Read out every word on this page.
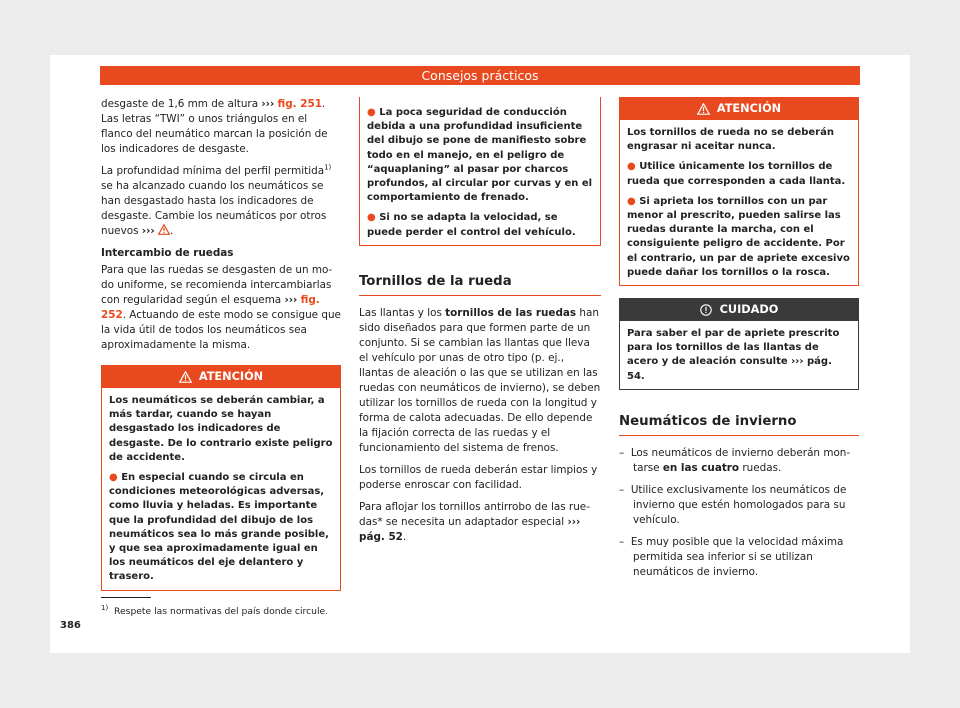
Consejos prácticos

desgaste de 1,6 mm de altura ››› fig. 251. Las letras “TWI” o unos triángulos en el flanco del neumático marcan la posición de los indicadores de desgaste.

La profundidad mínima del perfil permitida$^{1)}$ se ha alcanzado cuando los neumáticos se han desgastado hasta los indicadores de desgaste. Cambie los neumáticos por otros nuevos ››› .

Intercambio de ruedas

Para que las ruedas se desgasten de un modo uniforme, se recomienda intercambiarlas con regularidad según el esquema ››› fig. 252. Actuando de este modo se consigue que la vida útil de todos los neumáticos sea aproximadamente la misma.

ATENCIÓN

Los neumáticos se deberán cambiar, a más tardar, cuando se hayan desgastado los indicadores de desgaste. De lo contrario existe peligro de accidente.

● En especial cuando se circula en condiciones meteorológicas adversas, como lluvia y heladas. Es importante que la profundidad del dibujo de los neumáticos sea lo más grande posible, y que sea aproximadamente igual en los neumáticos del eje delantero y trasero.

● La poca seguridad de conducción debida a una profundidad insuficiente del dibujo se pone de manifiesto sobre todo en el manejo, en el peligro de “aquaplaning” al pasar por charcos profundos, al circular por curvas y en el comportamiento de frenado.

● Si no se adapta la velocidad, se puede perder el control del vehículo.

Tornillos de la rueda

Las llantas y los tornillos de las ruedas han sido diseñados para que formen parte de un conjunto. Si se cambian las llantas que lleva el vehículo por unas de otro tipo (p. ej., llantas de aleación o las que se utilizan en las ruedas con neumáticos de invierno), se deben utilizar los tornillos de rueda con la longitud y forma de calota adecuadas. De ello depende la fijación correcta de las ruedas y el funcionamiento del sistema de frenos.

Los tornillos de rueda deberán estar limpios y poderse enroscar con facilidad.

Para aflojar los tornillos antirrobo de las ruedas* se necesita un adaptador especial ››› pág. 52.

ATENCIÓN

Los tornillos de rueda no se deberán engrasar ni aceitar nunca.

● Utilice únicamente los tornillos de rueda que corresponden a cada llanta.

● Si aprieta los tornillos con un par menor al prescrito, pueden salirse las ruedas durante la marcha, con el consiguiente peligro de accidente. Por el contrario, un par de apriete excesivo puede dañar los tornillos o la rosca.

CUIDADO

Para saber el par de apriete prescrito para los tornillos de las llantas de acero y de aleación consulte ››› pág. 54.

Neumáticos de invierno
– Los neumáticos de invierno deberán montarse en las cuatro ruedas.
– Utilice exclusivamente los neumáticos de invierno que estén homologados para su vehículo.
– Es muy posible que la velocidad máxima permitida sea inferior si se utilizan neumáticos de invierno.
$^{1)}$ Respete las normativas del país donde circule.
386
